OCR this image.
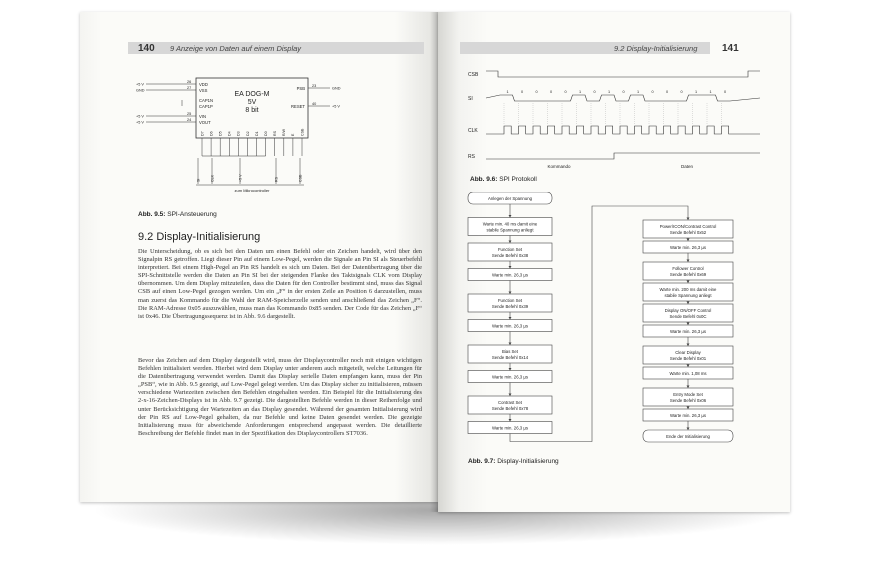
140 9 Anzeige von Daten auf einem Display
EA DOG-M
5V
8 bit
VDD
26
+5 V
VSS
27
GND
CAP1N
CAP1P
VIN
25
+5 V
VOUT
24
+5 V
PSB 23
GND
RESET 40
+5 V
D7 D6 D5 D4 D3 D2 D1 D0 RS R/W E CSB
SI	CLK	+5 V	RS	CSB
zum Mikrocontroller
Abb. 9.5: SPI-Ansteuerung
9.2 Display-Initialisierung
Die Unterscheidung, ob es sich bei den Daten um einen Befehl oder ein Zeichen handelt, wird über den Signalpin RS getroffen. Liegt dieser Pin auf einem Low-Pegel, werden die Signale an Pin SI als Steuerbefehl interpretiert. Bei einem High-Pegel an Pin RS handelt es sich um Daten. Bei der Datenübertragung über die SPI-Schnittstelle werden die Daten an Pin SI bei der steigenden Flanke des Taktsignals CLK vom Display übernommen. Um dem Display mitzuteilen, dass die Daten für den Controller bestimmt sind, muss das Signal CSB auf einen Low-Pegel gezogen werden. Um ein „F“ in der ersten Zeile an Position 6 darzustellen, muss man zuerst das Kommando für die Wahl der RAM-Speicherzelle senden und anschließend das Zeichen „F“. Die RAM-Adresse 0x05 auszuwählen, muss man das Kommando 0x85 senden. Der Code für das Zeichen „F“ ist 0x46. Die Übertragungssequenz ist in Abb. 9.6 dargestellt.
Bevor das Zeichen auf dem Display dargestellt wird, muss der Displaycontroller noch mit einigen wichtigen Befehlen initialisiert werden. Hierbei wird dem Display unter anderem auch mitgeteilt, welche Leitungen für die Datenübertragung verwendet werden. Damit das Display serielle Daten empfangen kann, muss der Pin „PSB“, wie in Abb. 9.5 gezeigt, auf Low-Pegel gelegt werden. Um das Display sicher zu initialisieren, müssen verschiedene Wartezeiten zwischen den Befehlen eingehalten werden. Ein Beispiel für die Initialisierung des 2-x-16-Zeichen-Displays ist in Abb. 9.7 gezeigt. Die dargestellten Befehle werden in dieser Reihenfolge und unter Berücksichtigung der Wartezeiten an das Display gesendet. Während der gesamten Initialisierung wird der Pin RS auf Low-Pegel gehalten, da nur Befehle und keine Daten gesendet werden. Die gezeigte Initialisierung muss für abweichende Anforderungen entsprechend angepasst werden. Die detaillierte Beschreibung der Befehle findet man in der Spezifikation des Displaycontrollers ST7036.
9.2 Display-Initialisierung 141
CSB
SI
CLK
RS
1	0	0	0	0	1	0	1	0	1	0	0	0	1	1	0
Kommando	Daten
Abb. 9.6: SPI Protokoll
Anlegen der Spannung
Warte min. 40 ms damit eine
stabile Spannung anliegt
Function Set
Sende Befehl 0x38
Warte min. 26,3 µs
Function Set
Sende Befehl 0x39
Warte min. 26,3 µs
Bias Set
Sende Befehl 0x14
Warte min. 26,3 µs
Contrast Set
Sende Befehl 0x78
Warte min. 26,3 µs
Power/ICON/Contrast Control
Sende Befehl 0x52
Warte min. 26,3 µs
Follower Control
Sende Befehl 0x69
Warte min. 200 ms damit eine
stabile Spannung anliegt
Display ON/OFF Control
Sende Befehl 0x0C
Warte min. 26,3 µs
Clear Display
Sende Befehl 0x01
Warte min. 1,08 ms
Entry Mode Set
Sende Befehl 0x06
Warte min. 26,3 µs
Ende der Initialisierung
Abb. 9.7: Display-Initialisierung
